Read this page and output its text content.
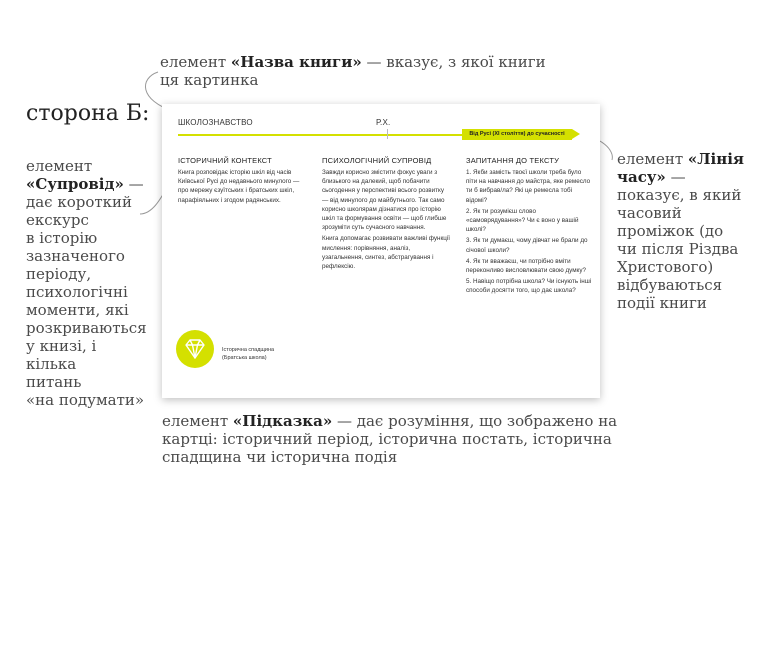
елемент «Назва книги» — вказує, з якої книги
ця картинка
сторона Б:
елемент
«Супровід» —
дає короткий
екскурс
в історію
зазначеного
періоду,
психологічні
моменти, які
розкриваються
у книзі, і кілька
питань
«на подумати»
елемент «Лінія
часу» —
показує, в який
часовий
проміжок (до
чи після Різдва
Христового)
відбуваються
події книги
ШКОЛОЗНАВСТВО	Р.Х.
Від Русі (XI століття) до сучасності
ІСТОРИЧНИЙ КОНТЕКСТ

Книга розповідає історію шкіл від часів Київської Русі до недавнього минулого — про мережу єзуїтських і братських шкіл, парафіяльних і згодом радянських.

ПСИХОЛОГІЧНИЙ СУПРОВІД

Завжди корисно змістити фокус уваги з близького на далекий, щоб побачити сьогодення у перспективі всього розвитку — від минулого до майбутнього. Так само корисно школярам дізнатися про історію шкіл та формування освіти — щоб глибше зрозуміти суть сучасного навчання.

Книга допомагає розвивати важливі функції мислення: порівняння, аналіз, узагальнення, синтез, абстрагування і рефлексію.

ЗАПИТАННЯ ДО ТЕКСТУ

1. Якби замість твоєї школи треба було піти на навчання до майстра, яке ремесло ти б вибрав/ла? Які це ремесла тобі відомі?

2. Як ти розумієш слово «самоврядування»? Чи є воно у вашій школі?

3. Як ти думаєш, чому дівчат не брали до січової школи?

4. Як ти вважаєш, чи потрібно вміти переконливо висловлювати свою думку?

5. Навіщо потрібна школа? Чи існують інші способи досягти того, що дає школа?

Історична спадщина (Братська школа)
елемент «Підказка» — дає розуміння, що зображено на
картці: історичний період, історична постать, історична
спадщина чи історична подія
